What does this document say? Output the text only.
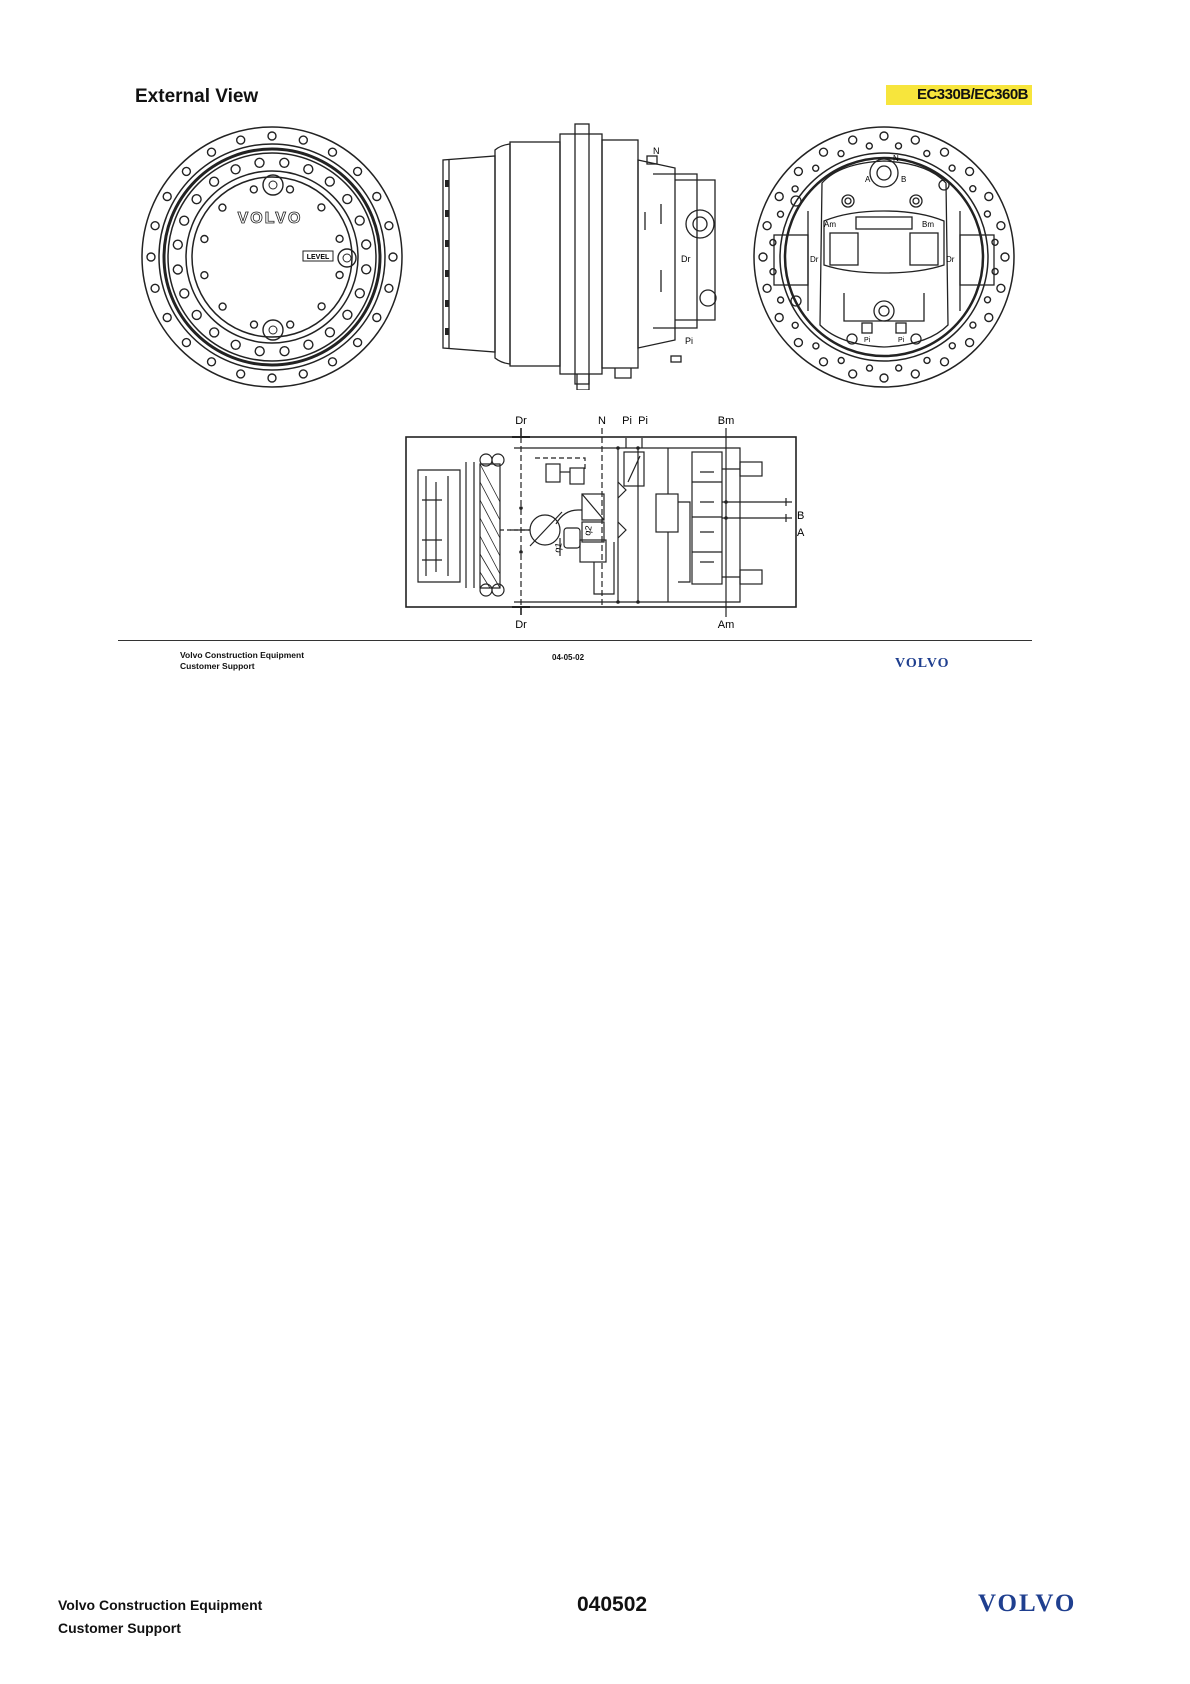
External View	EC330B/EC360B
LEVEL
VOLVO
N
Dr
Pi
N
A	B
Am	Bm
Dr	Dr
Pi	Pi
Dr	N Pi Pi	Bm
Dr	Am
B
A
q1
q2
Volvo Construction Equipment
Customer Support
04-05-02	VOLVO
Volvo Construction Equipment
Customer Support
040502	VOLVO
